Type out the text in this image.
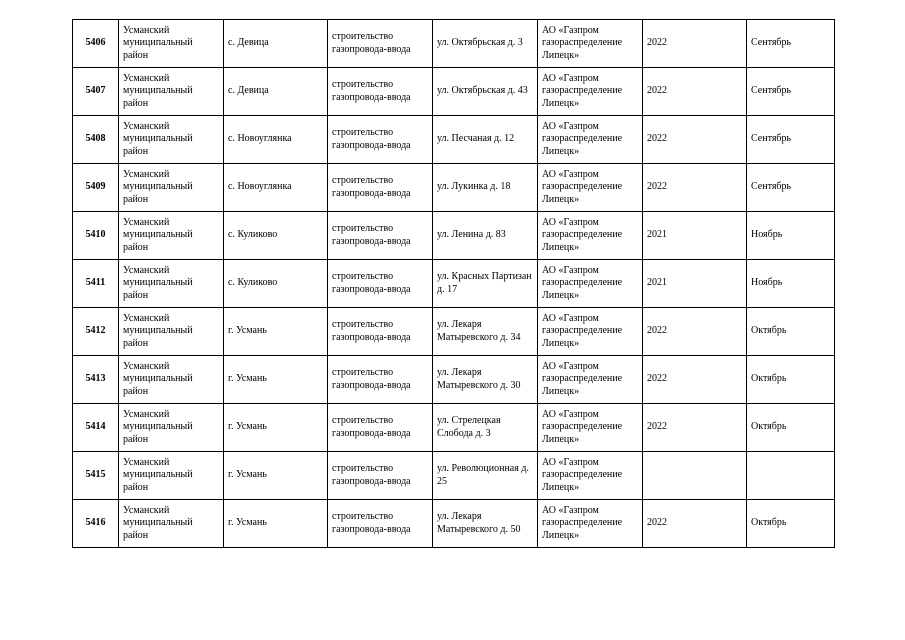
5406	Усманский муниципальный район	с. Девица	строительство газопровода-ввода	ул. Октябрьская д. 3	АО «Газпром газораспределение Липецк»	2022	Сентябрь
5407	Усманский муниципальный район	с. Девица	строительство газопровода-ввода	ул. Октябрьская д. 43	АО «Газпром газораспределение Липецк»	2022	Сентябрь
5408	Усманский муниципальный район	с. Новоуглянка	строительство газопровода-ввода	ул. Песчаная д. 12	АО «Газпром газораспределение Липецк»	2022	Сентябрь
5409	Усманский муниципальный район	с. Новоуглянка	строительство газопровода-ввода	ул. Лукинка д. 18	АО «Газпром газораспределение Липецк»	2022	Сентябрь
5410	Усманский муниципальный район	с. Куликово	строительство газопровода-ввода	ул. Ленина д. 83	АО «Газпром газораспределение Липецк»	2021	Ноябрь
5411	Усманский муниципальный район	с. Куликово	строительство газопровода-ввода	ул. Красных Партизан д. 17	АО «Газпром газораспределение Липецк»	2021	Ноябрь
5412	Усманский муниципальный район	г. Усмань	строительство газопровода-ввода	ул. Лекаря Матыревского д. 34	АО «Газпром газораспределение Липецк»	2022	Октябрь
5413	Усманский муниципальный район	г. Усмань	строительство газопровода-ввода	ул. Лекаря Матыревского д. 30	АО «Газпром газораспределение Липецк»	2022	Октябрь
5414	Усманский муниципальный район	г. Усмань	строительство газопровода-ввода	ул. Стрелецкая Слобода д. 3	АО «Газпром газораспределение Липецк»	2022	Октябрь
5415	Усманский муниципальный район	г. Усмань	строительство газопровода-ввода	ул. Революционная д. 25	АО «Газпром газораспределение Липецк»		
5416	Усманский муниципальный район	г. Усмань	строительство газопровода-ввода	ул. Лекаря Матыревского д. 50	АО «Газпром газораспределение Липецк»	2022	Октябрь
